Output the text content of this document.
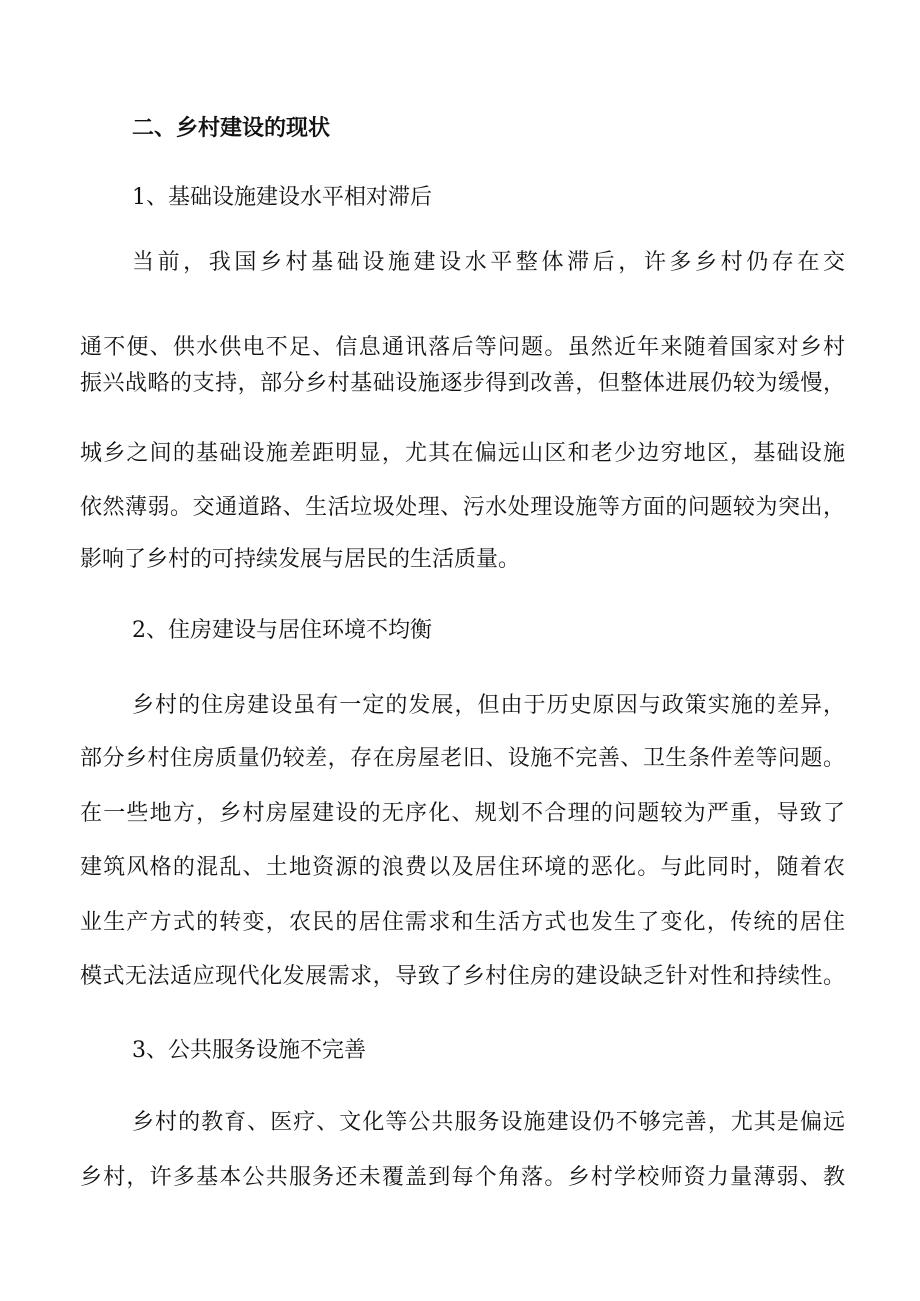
二、乡村建设的现状
1、基础设施建设水平相对滞后
当前，我国乡村基础设施建设水平整体滞后，许多乡村仍存在交
通不便、供水供电不足、信息通讯落后等问题。虽然近年来随着国家对乡村
振兴战略的支持，部分乡村基础设施逐步得到改善，但整体进展仍较为缓慢，
城乡之间的基础设施差距明显，尤其在偏远山区和老少边穷地区，基础设施
依然薄弱。交通道路、生活垃圾处理、污水处理设施等方面的问题较为突出，
影响了乡村的可持续发展与居民的生活质量。
2、住房建设与居住环境不均衡
乡村的住房建设虽有一定的发展，但由于历史原因与政策实施的差异，
部分乡村住房质量仍较差，存在房屋老旧、设施不完善、卫生条件差等问题。
在一些地方，乡村房屋建设的无序化、规划不合理的问题较为严重，导致了
建筑风格的混乱、土地资源的浪费以及居住环境的恶化。与此同时，随着农
业生产方式的转变，农民的居住需求和生活方式也发生了变化，传统的居住
模式无法适应现代化发展需求，导致了乡村住房的建设缺乏针对性和持续性。
3、公共服务设施不完善
乡村的教育、医疗、文化等公共服务设施建设仍不够完善，尤其是偏远
乡村，许多基本公共服务还未覆盖到每个角落。乡村学校师资力量薄弱、教
